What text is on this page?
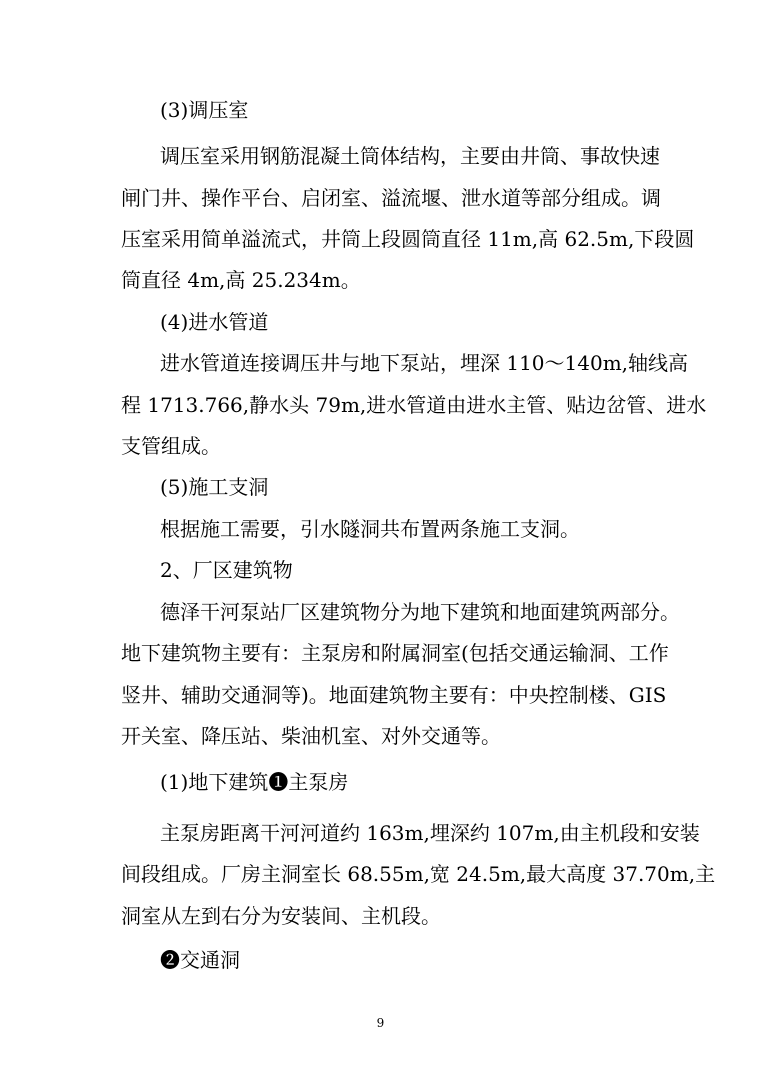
(3)调压室

调压室采用钢筋混凝土筒体结构，主要由井筒、事故快速

闸门井、操作平台、启闭室、溢流堰、泄水道等部分组成。调

压室采用简单溢流式，井筒上段圆筒直径 11m,高 62.5m,下段圆

筒直径 4m,高 25.234m。

(4)进水管道

进水管道连接调压井与地下泵站，埋深 110～140m,轴线高

程 1713.766,静水头 79m,进水管道由进水主管、贴边岔管、进水

支管组成。

(5)施工支洞

根据施工需要，引水隧洞共布置两条施工支洞。

2、厂区建筑物

德泽干河泵站厂区建筑物分为地下建筑和地面建筑两部分。

地下建筑物主要有：主泵房和附属洞室(包括交通运输洞、工作

竖井、辅助交通洞等)。地面建筑物主要有：中央控制楼、GIS

开关室、降压站、柴油机室、对外交通等。

(1)地下建筑➊主泵房

主泵房距离干河河道约 163m,埋深约 107m,由主机段和安装

间段组成。厂房主洞室长 68.55m,宽 24.5m,最大高度 37.70m,主

洞室从左到右分为安装间、主机段。

➋交通洞

9
